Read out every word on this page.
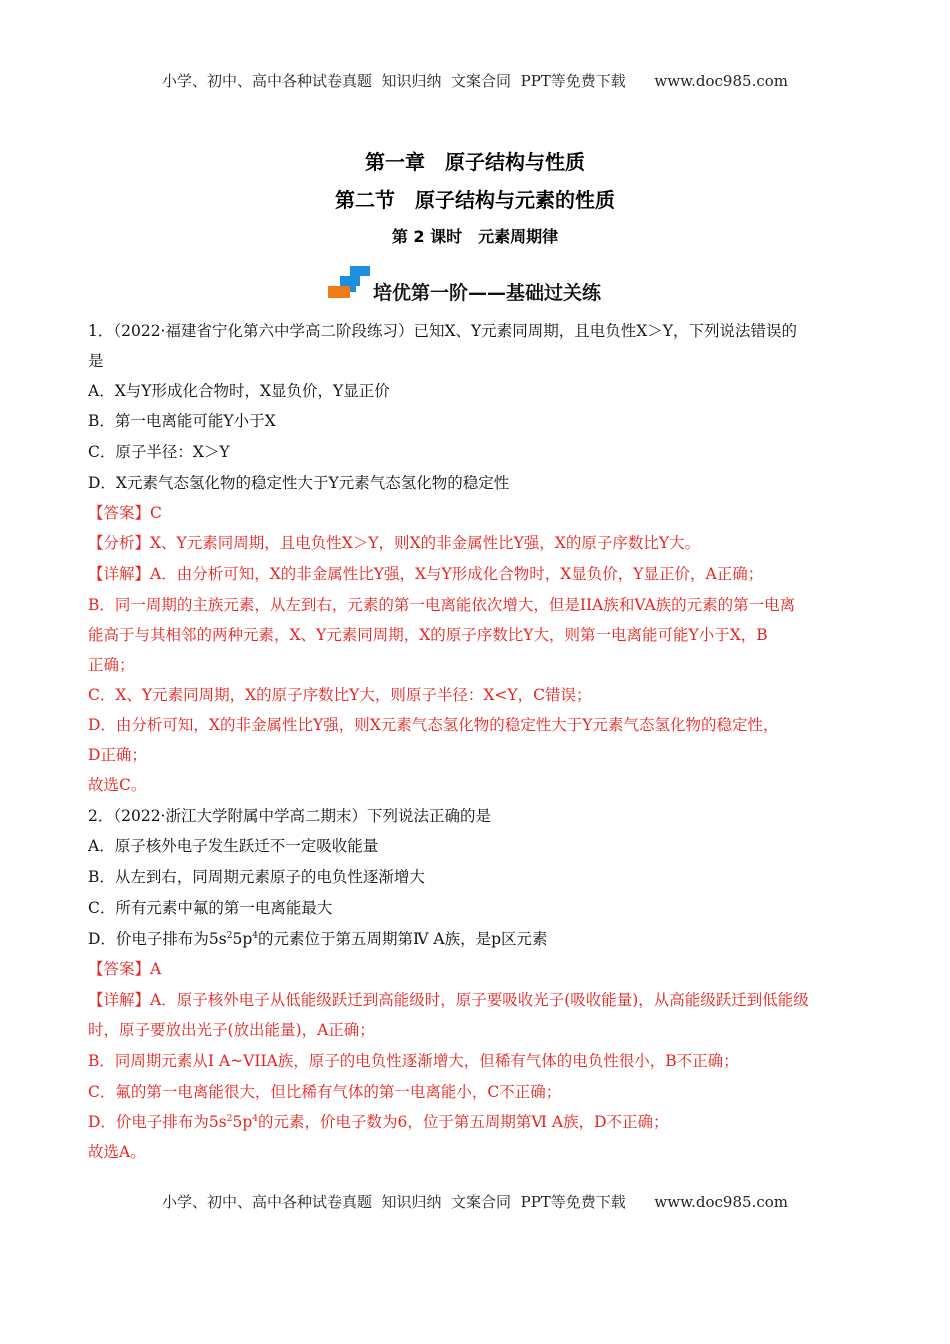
小学、初中、高中各种试卷真题  知识归纳  文案合同  PPT等免费下载      www.doc985.com
第一章　原子结构与性质
第二节　原子结构与元素的性质
第 2 课时　元素周期律
培优第一阶——基础过关练
1．（2022·福建省宁化第六中学高二阶段练习）已知X、Y元素同周期，且电负性X＞Y，下列说法错误的
是
A．X与Y形成化合物时，X显负价，Y显正价
B．第一电离能可能Y小于X
C．原子半径：X＞Y
D．X元素气态氢化物的稳定性大于Y元素气态氢化物的稳定性
【答案】C
【分析】X、Y元素同周期，且电负性X＞Y，则X的非金属性比Y强，X的原子序数比Y大。
【详解】A．由分析可知，X的非金属性比Y强，X与Y形成化合物时，X显负价，Y显正价，A正确；
B．同一周期的主族元素，从左到右，元素的第一电离能依次增大，但是IIA族和VA族的元素的第一电离
能高于与其相邻的两种元素，X、Y元素同周期，X的原子序数比Y大，则第一电离能可能Y小于X，B
正确；
C．X、Y元素同周期，X的原子序数比Y大，则原子半径：X<Y，C错误；
D．由分析可知，X的非金属性比Y强，则X元素气态氢化物的稳定性大于Y元素气态氢化物的稳定性，
D正确；
故选C。
2．（2022·浙江大学附属中学高二期末）下列说法正确的是
A．原子核外电子发生跃迁不一定吸收能量
B．从左到右，同周期元素原子的电负性逐渐增大
C．所有元素中氟的第一电离能最大
D．价电子排布为$5s^25p^4$的元素位于第五周期第Ⅳ A族，是p区元素
【答案】A
【详解】A．原子核外电子从低能级跃迁到高能级时，原子要吸收光子(吸收能量)，从高能级跃迁到低能级
时，原子要放出光子(放出能量)，A正确；
B．同周期元素从Ⅰ A~VIIA族，原子的电负性逐渐增大，但稀有气体的电负性很小，B不正确；
C．氟的第一电离能很大，但比稀有气体的第一电离能小，C不正确；
D．价电子排布为$5s^25p^4$的元素，价电子数为6，位于第五周期第Ⅵ A族，D不正确；
故选A。
小学、初中、高中各种试卷真题  知识归纳  文案合同  PPT等免费下载      www.doc985.com
